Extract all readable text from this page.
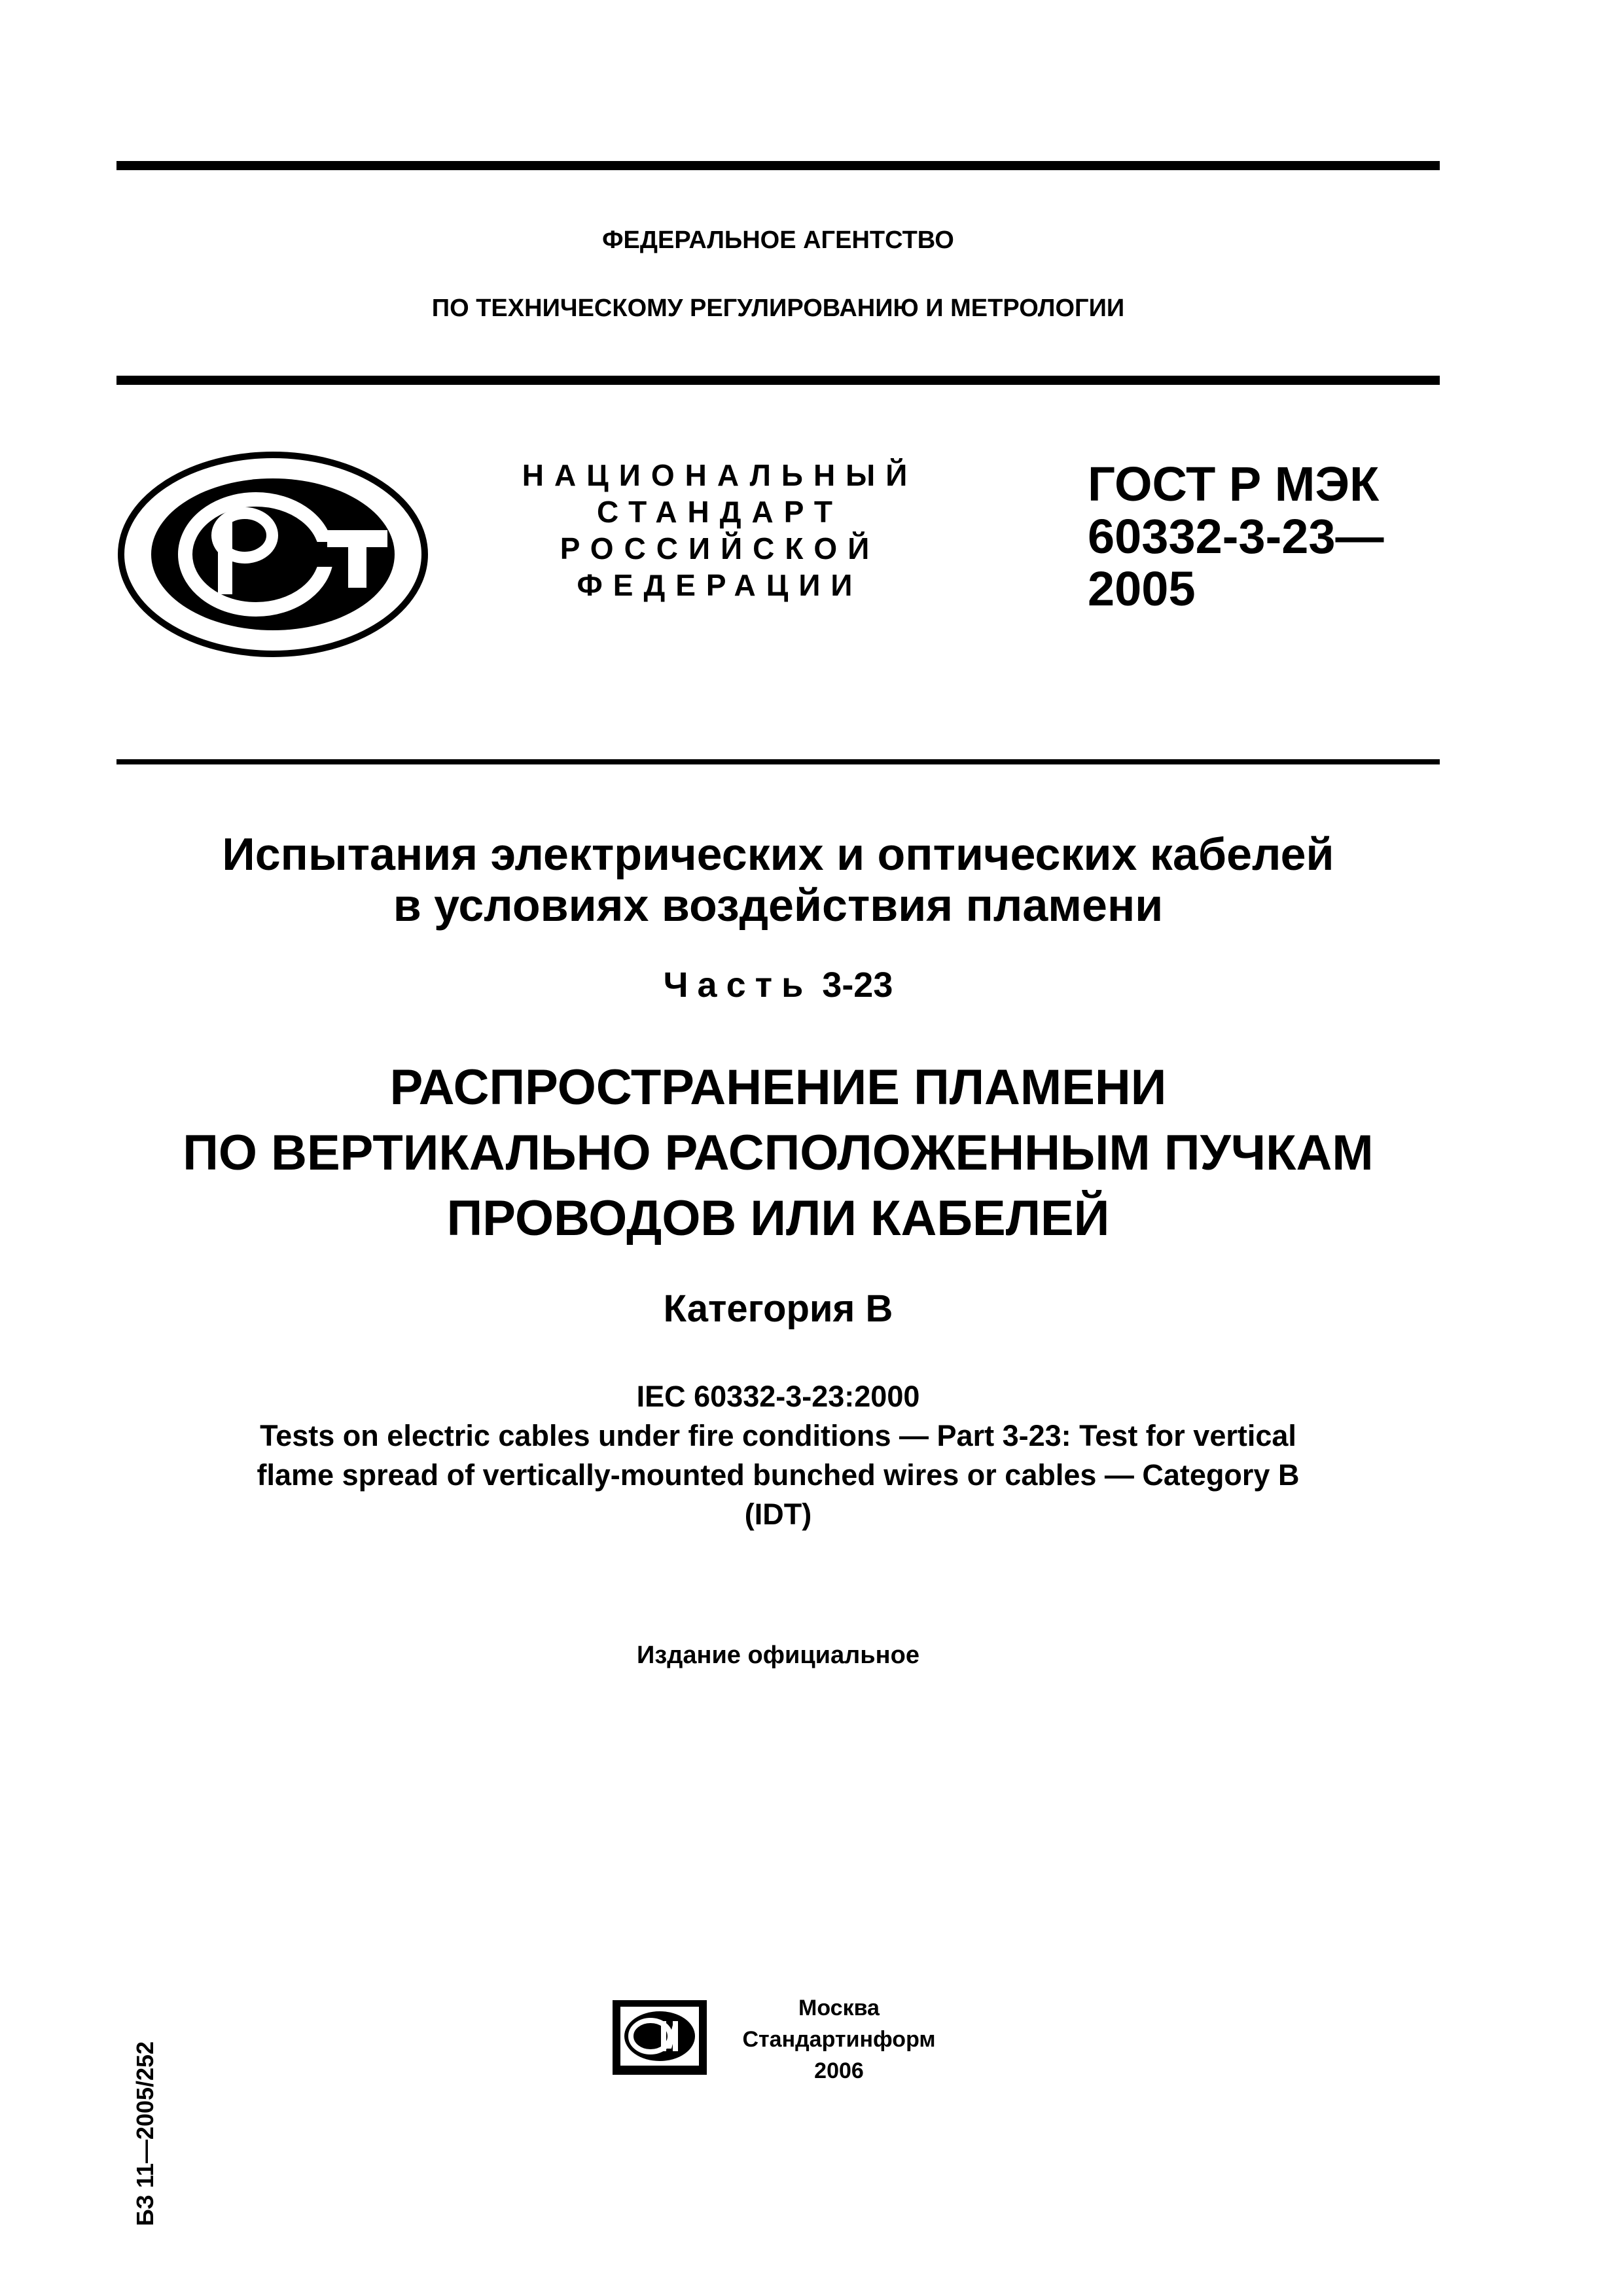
ФЕДЕРАЛЬНОЕ АГЕНТСТВО
ПО ТЕХНИЧЕСКОМУ РЕГУЛИРОВАНИЮ И МЕТРОЛОГИИ
НАЦИОНАЛЬНЫЙ
СТАНДАРТ
РОССИЙСКОЙ
ФЕДЕРАЦИИ
ГОСТ Р МЭК
60332-3-23—
2005
Испытания электрических и оптических кабелей
в условиях воздействия пламени
Часть 3-23
РАСПРОСТРАНЕНИЕ ПЛАМЕНИ
ПО ВЕРТИКАЛЬНО РАСПОЛОЖЕННЫМ ПУЧКАМ
ПРОВОДОВ ИЛИ КАБЕЛЕЙ
Категория В
IEC 60332-3-23:2000
Tests on electric cables under fire conditions — Part 3-23: Test for vertical
flame spread of vertically-mounted bunched wires or cables — Category B
(IDT)
Издание официальное
БЗ 11—2005/252
Москва
Стандартинформ
2006
